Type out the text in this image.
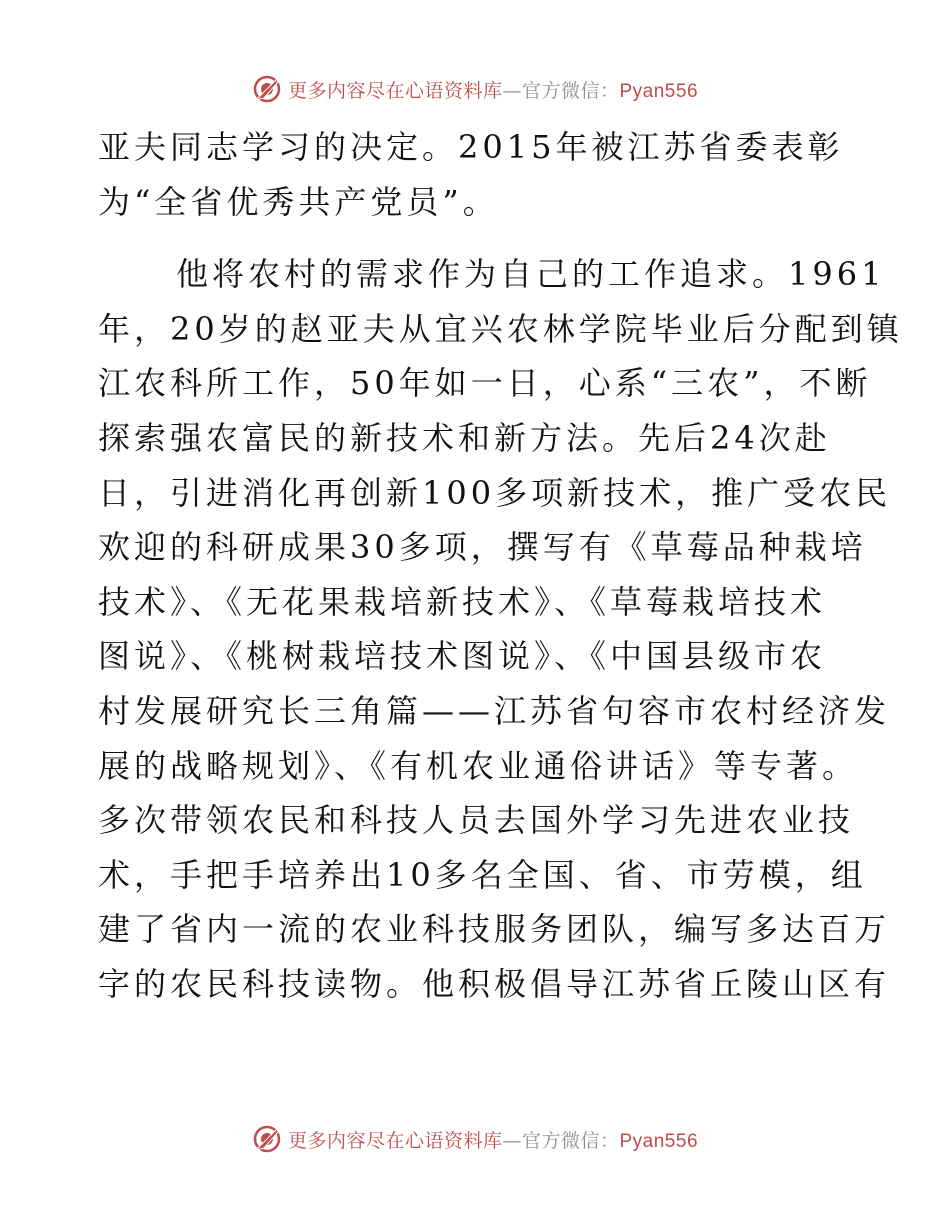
更多内容尽在心语资料库—官方微信：Pyan556
亚夫同志学习的决定。2015年被江苏省委表彰
为“全省优秀共产党员”。
他将农村的需求作为自己的工作追求。1961
年，20岁的赵亚夫从宜兴农林学院毕业后分配到镇
江农科所工作，50年如一日，心系“三农”，不断
探索强农富民的新技术和新方法。先后24次赴
日，引进消化再创新100多项新技术，推广受农民
欢迎的科研成果30多项，撰写有《草莓品种栽培
技术》、《无花果栽培新技术》、《草莓栽培技术
图说》、《桃树栽培技术图说》、《中国县级市农
村发展研究长三角篇——江苏省句容市农村经济发
展的战略规划》、《有机农业通俗讲话》等专著。
多次带领农民和科技人员去国外学习先进农业技
术，手把手培养出10多名全国、省、市劳模，组
建了省内一流的农业科技服务团队，编写多达百万
字的农民科技读物。他积极倡导江苏省丘陵山区有
更多内容尽在心语资料库—官方微信：Pyan556
